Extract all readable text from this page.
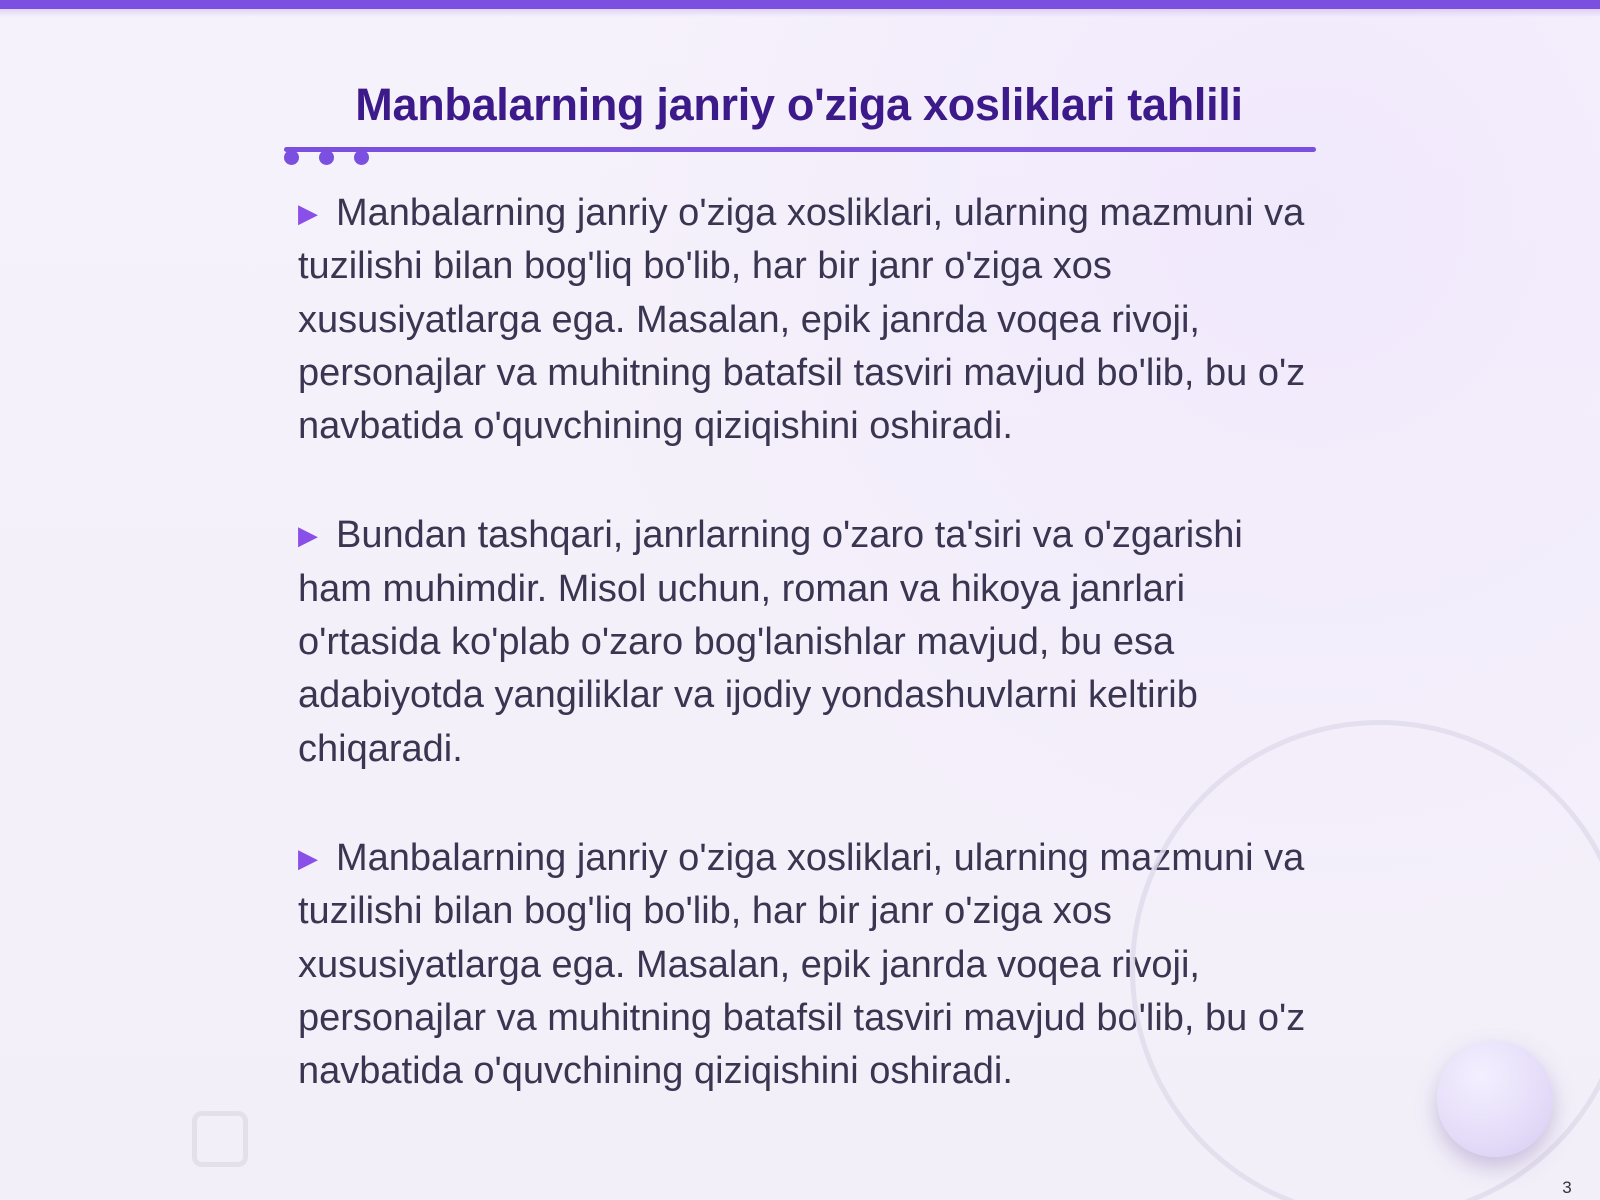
Manbalarning janriy o'ziga xosliklari tahlili

▶ Manbalarning janriy o'ziga xosliklari, ularning mazmuni va tuzilishi bilan bog'liq bo'lib, har bir janr o'ziga xos xususiyatlarga ega. Masalan, epik janrda voqea rivoji, personajlar va muhitning batafsil tasviri mavjud bo'lib, bu o'z navbatida o'quvchining qiziqishini oshiradi.

▶ Bundan tashqari, janrlarning o'zaro ta'siri va o'zgarishi ham muhimdir. Misol uchun, roman va hikoya janrlari o'rtasida ko'plab o'zaro bog'lanishlar mavjud, bu esa adabiyotda yangiliklar va ijodiy yondashuvlarni keltirib chiqaradi.

▶ Manbalarning janriy o'ziga xosliklari, ularning mazmuni va tuzilishi bilan bog'liq bo'lib, har bir janr o'ziga xos xususiyatlarga ega. Masalan, epik janrda voqea rivoji, personajlar va muhitning batafsil tasviri mavjud bo'lib, bu o'z navbatida o'quvchining qiziqishini oshiradi.

3
